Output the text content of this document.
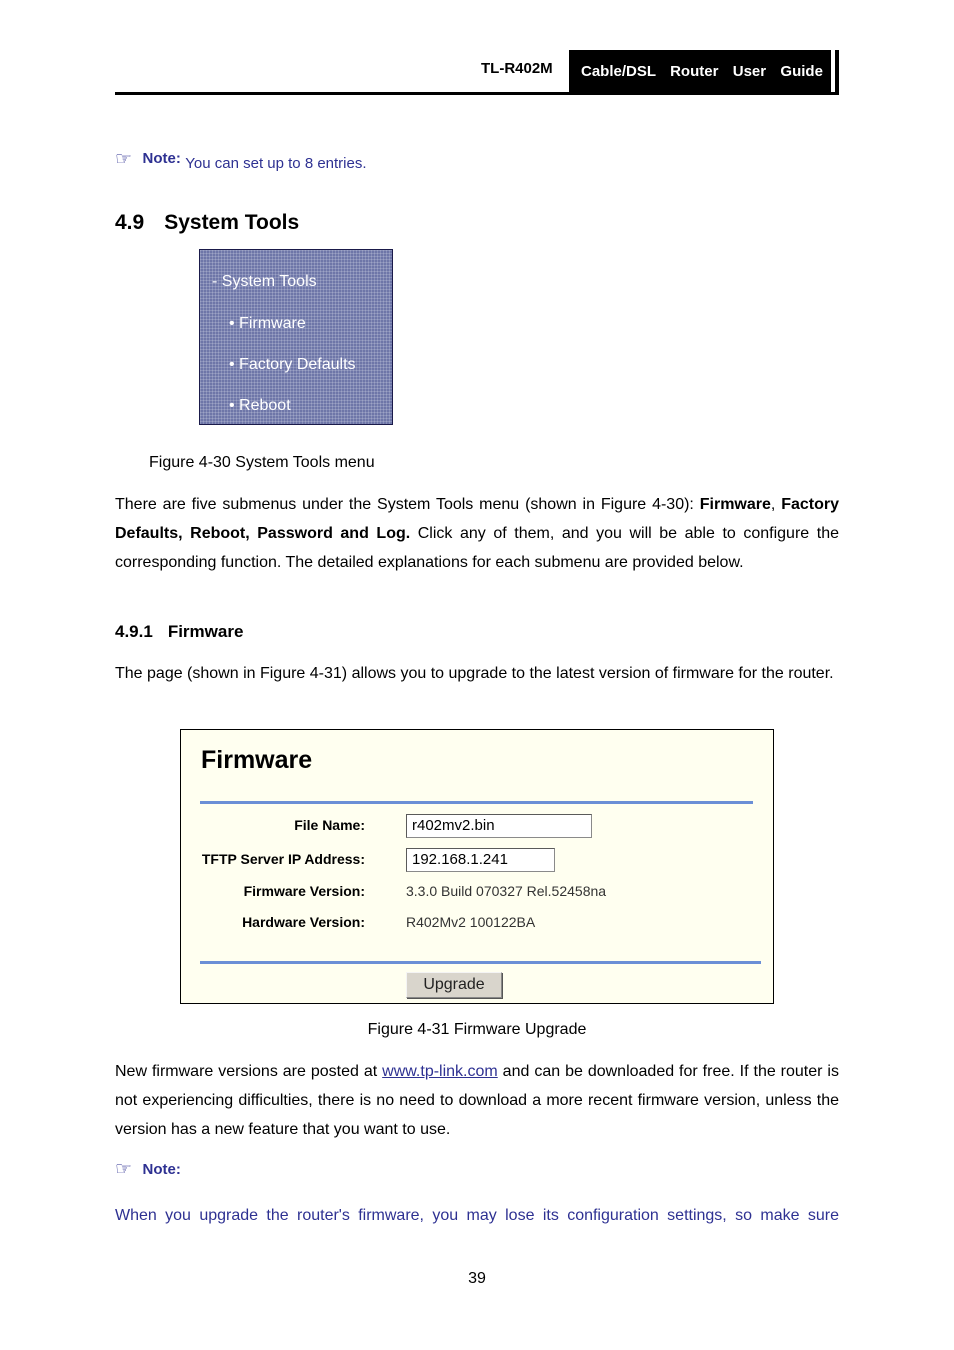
TL-R402M	Cable/DSL  Router  User  Guide
☞ Note: You can set up to 8 entries.
4.9 System Tools
- System Tools
• Firmware
• Factory Defaults
• Reboot
Figure 4-30 System Tools menu
There are five submenus under the System Tools menu (shown in Figure 4-30): Firmware, Factory Defaults, Reboot, Password and Log. Click any of them, and you will be able to configure the corresponding function. The detailed explanations for each submenu are provided below.
4.9.1 Firmware
The page (shown in Figure 4-31) allows you to upgrade to the latest version of firmware for the router.
Firmware
File Name:	r402mv2.bin
TFTP Server IP Address:	192.168.1.241
Firmware Version:	3.3.0 Build 070327 Rel.52458na
Hardware Version:	R402Mv2 100122BA
Upgrade
Figure 4-31 Firmware Upgrade
New firmware versions are posted at www.tp-link.com and can be downloaded for free. If the router is not experiencing difficulties, there is no need to download a more recent firmware version, unless the version has a new feature that you want to use.
☞ Note:
When you upgrade the router's firmware, you may lose its configuration settings, so make sure
39
